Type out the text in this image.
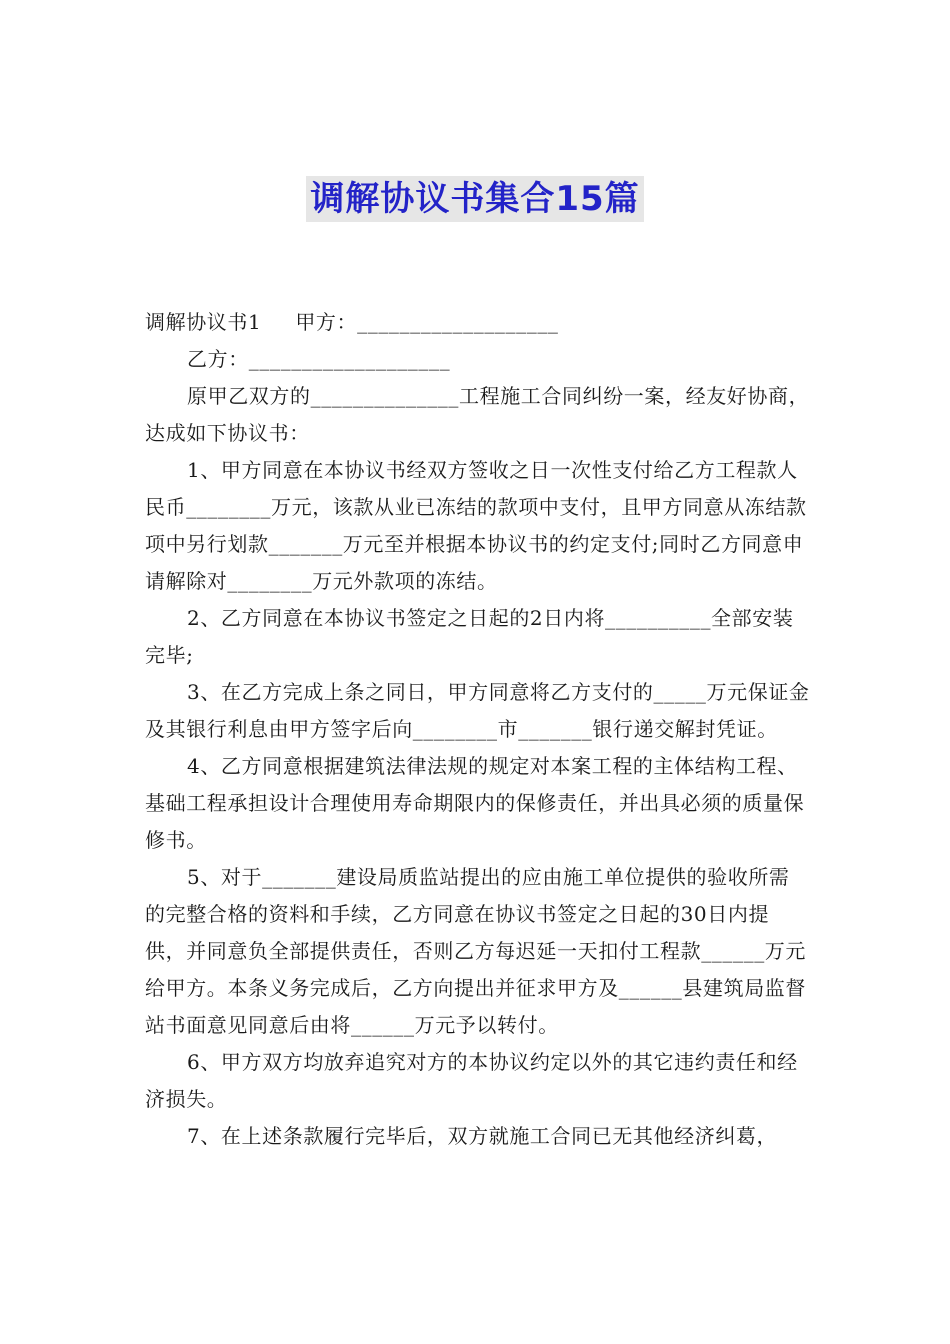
调解协议书集合15篇

调解协议书1 甲方：___________________

乙方：___________________

原甲乙双方的______________工程施工合同纠纷一案，经友好协商，达成如下协议书：

1、甲方同意在本协议书经双方签收之日一次性支付给乙方工程款人民币________万元，该款从业已冻结的款项中支付，且甲方同意从冻结款项中另行划款_______万元至并根据本协议书的约定支付;同时乙方同意申请解除对________万元外款项的冻结。

2、乙方同意在本协议书签定之日起的2日内将__________全部安装完毕;

3、在乙方完成上条之同日，甲方同意将乙方支付的_____万元保证金及其银行利息由甲方签字后向________市_______银行递交解封凭证。

4、乙方同意根据建筑法律法规的规定对本案工程的主体结构工程、基础工程承担设计合理使用寿命期限内的保修责任，并出具必须的质量保修书。

5、对于_______建设局质监站提出的应由施工单位提供的验收所需的完整合格的资料和手续，乙方同意在协议书签定之日起的30日内提供，并同意负全部提供责任，否则乙方每迟延一天扣付工程款______万元给甲方。本条义务完成后，乙方向提出并征求甲方及______县建筑局监督站书面意见同意后由将______万元予以转付。

6、甲方双方均放弃追究对方的本协议约定以外的其它违约责任和经济损失。

7、在上述条款履行完毕后，双方就施工合同已无其他经济纠葛，
